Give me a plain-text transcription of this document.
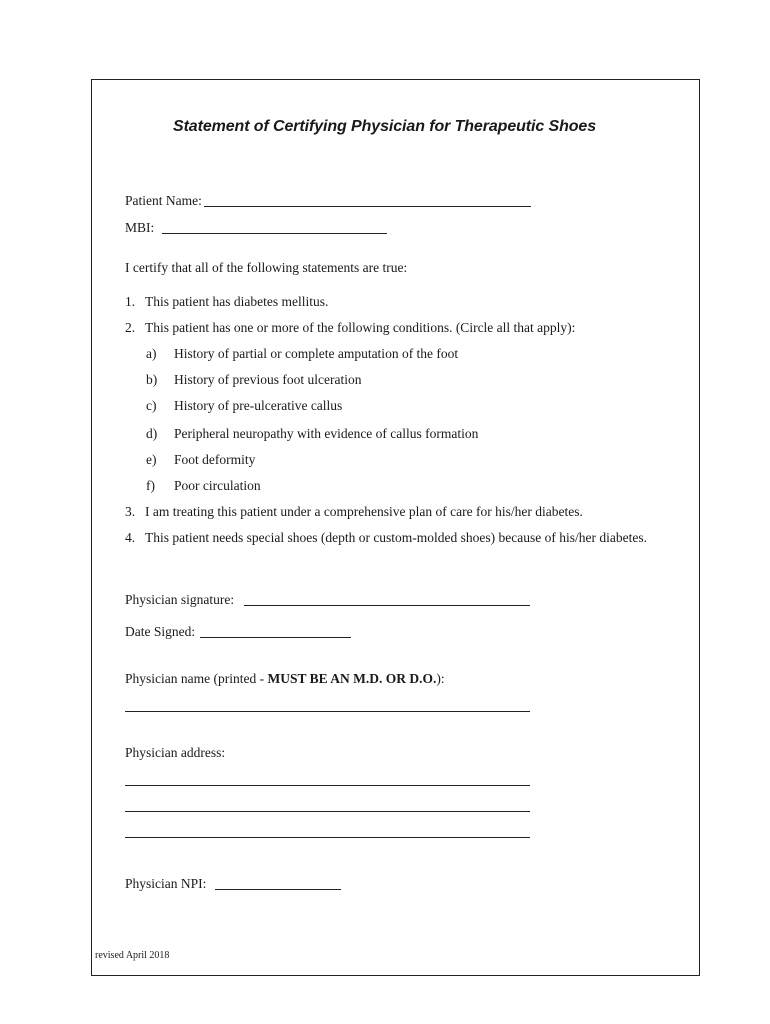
Statement of Certifying Physician for Therapeutic Shoes
Patient Name:
MBI:
I certify that all of the following statements are true:
1. This patient has diabetes mellitus.
2. This patient has one or more of the following conditions. (Circle all that apply):
a) History of partial or complete amputation of the foot
b) History of previous foot ulceration
c) History of pre-ulcerative callus
d) Peripheral neuropathy with evidence of callus formation
e) Foot deformity
f) Poor circulation
3. I am treating this patient under a comprehensive plan of care for his/her diabetes.
4. This patient needs special shoes (depth or custom-molded shoes) because of his/her diabetes.
Physician signature:
Date Signed:
Physician name (printed - MUST BE AN M.D. OR D.O.):
Physician address:
Physician NPI:
revised April 2018
